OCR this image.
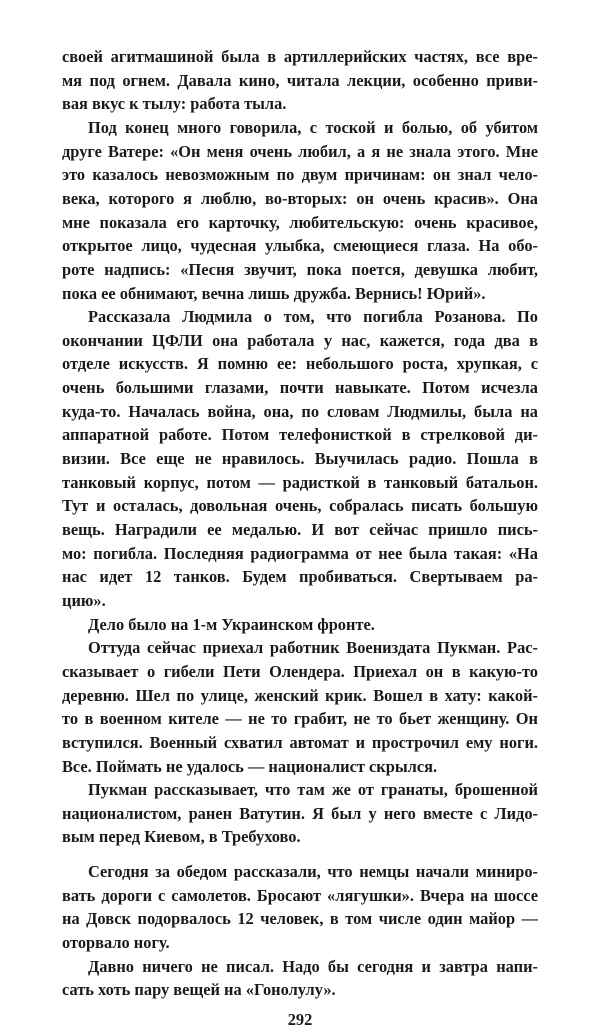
своей агитмашиной была в артиллерийских частях, все вре-
мя под огнем. Давала кино, читала лекции, особенно приви-
вая вкус к тылу: работа тыла.
Под конец много говорила, с тоской и болью, об убитом
друге Ватере: «Он меня очень любил, а я не знала этого. Мне
это казалось невозможным по двум причинам: он знал чело-
века, которого я люблю, во-вторых: он очень красив». Она
мне показала его карточку, любительскую: очень красивое,
открытое лицо, чудесная улыбка, смеющиеся глаза. На обо-
роте надпись: «Песня звучит, пока поется, девушка любит,
пока ее обнимают, вечна лишь дружба. Вернись! Юрий».
Рассказала Людмила о том, что погибла Розанова. По
окончании ЦФЛИ она работала у нас, кажется, года два в
отделе искусств. Я помню ее: небольшого роста, хрупкая, с
очень большими глазами, почти навыкате. Потом исчезла
куда-то. Началась война, она, по словам Людмилы, была на
аппаратной работе. Потом телефонисткой в стрелковой ди-
визии. Все еще не нравилось. Выучилась радио. Пошла в
танковый корпус, потом — радисткой в танковый батальон.
Тут и осталась, довольная очень, собралась писать большую
вещь. Наградили ее медалью. И вот сейчас пришло пись-
мо: погибла. Последняя радиограмма от нее была такая: «На
нас идет 12 танков. Будем пробиваться. Свертываем ра-
цию».
Дело было на 1-м Украинском фронте.
Оттуда сейчас приехал работник Воениздата Пукман. Рас-
сказывает о гибели Пети Олендера. Приехал он в какую-то
деревню. Шел по улице, женский крик. Вошел в хату: какой-
то в военном кителе — не то грабит, не то бьет женщину. Он
вступился. Военный схватил автомат и прострочил ему ноги.
Все. Поймать не удалось — националист скрылся.
Пукман рассказывает, что там же от гранаты, брошенной
националистом, ранен Ватутин. Я был у него вместе с Лидо-
вым перед Киевом, в Требухово.
Сегодня за обедом рассказали, что немцы начали миниро-
вать дороги с самолетов. Бросают «лягушки». Вчера на шоссе
на Довск подорвалось 12 человек, в том числе один майор —
оторвало ногу.
Давно ничего не писал. Надо бы сегодня и завтра напи-
сать хоть пару вещей на «Гонолулу».
292
